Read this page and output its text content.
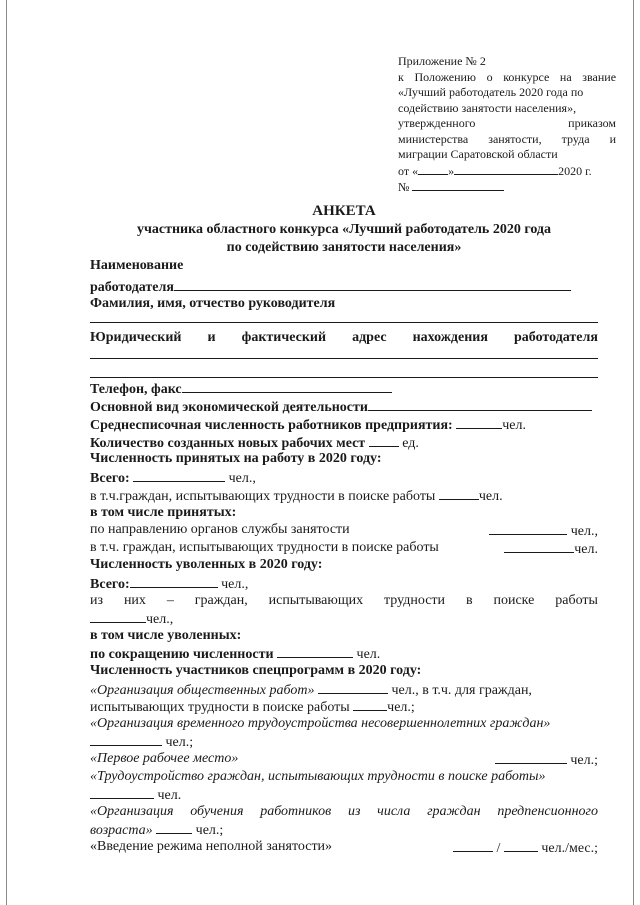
Приложение № 2
к Положению о конкурсе на звание
«Лучший работодатель 2020 года по
содействию занятости населения»,
утвержденного	приказом
министерства занятости, труда и
миграции Саратовской области
от «	»	2020 г.
№
АНКЕТА
участника областного конкурса «Лучший работодатель 2020 года
по содействию занятости населения»
Наименование
работодателя
Фамилия, имя, отчество руководителя
Юридический и фактический адрес нахождения работодателя
Телефон, факс
Основной вид экономической деятельности
Среднесписочная численность работников предприятия:	чел.
Количество созданных новых рабочих мест	ед.
Численность принятых на работу в 2020 году:
Всего:	чел.,
в т.ч.граждан, испытывающих трудности в поиске работы	чел.
в том числе принятых:
по направлению органов службы занятости	чел.,
в т.ч. граждан, испытывающих трудности в поиске работы	чел.
Численность уволенных в 2020 году:
Всего:	чел.,
из них – граждан, испытывающих трудности в поиске работы
чел.,
в том числе уволенных:
по сокращению численности	чел.
Численность участников спецпрограмм в 2020 году:
«Организация общественных работ»	чел., в т.ч. для граждан,
испытывающих трудности в поиске работы	чел.;
«Организация временного трудоустройства несовершеннолетних граждан»
чел.;
«Первое рабочее место»	чел.;
«Трудоустройство граждан, испытывающих трудности в поиске работы»
чел.
«Организация обучения работников из числа граждан предпенсионного
возраста»	чел.;
«Введение режима неполной занятости»	/	чел./мес.;
